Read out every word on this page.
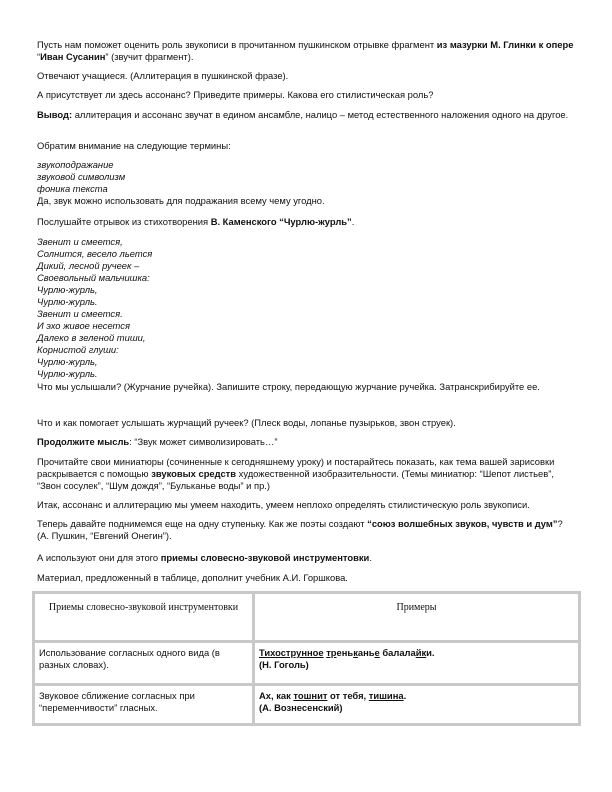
Пусть нам поможет оценить роль звукописи в прочитанном пушкинском отрывке фрагмент из мазурки М. Глинки к опере “Иван Сусанин” (звучит фрагмент).

Отвечают учащиеся. (Аллитерация в пушкинской фразе).

А присутствует ли здесь ассонанс? Приведите примеры. Какова его стилистическая роль?

Вывод: аллитерация и ассонанс звучат в едином ансамбле, налицо – метод естественного наложения одного на другое.

Обратим внимание на следующие термины:

звукоподражание

звуковой символизм

фоника текста

Да, звук можно использовать для подражания всему чему угодно.

Послушайте отрывок из стихотворения В. Каменского “Чурлю-журль”.

Звенит и смеется,

Солнится, весело льется

Дикий, лесной ручеек –

Своевольный мальчишка:

Чурлю-журль,

Чурлю-журль.

Звенит и смеется.

И эхо живое несется

Далеко в зеленой тиши,

Корнистой глуши:

Чурлю-журль,

Чурлю-журль.

Что мы услышали? (Журчание ручейка). Запишите строку, передающую журчание ручейка. Затранскрибируйте ее.

Что и как помогает услышать журчащий ручеек? (Плеск воды, лопанье пузырьков, звон струек).

Продолжите мысль: “Звук может символизировать…”
Прочитайте свои миниатюры (сочиненные к сегодняшнему уроку) и постарайтесь показать, как тема вашей зарисовки раскрывается с помощью звуковых средств художественной изобразительности. (Темы миниатюр: “Шепот листьев”, “Звон сосулек”, “Шум дождя”, “Бульканье воды” и пр.)

Итак, ассонанс и аллитерацию мы умеем находить, умеем неплохо определять стилистическую роль звукописи.

Теперь давайте поднимемся еще на одну ступеньку. Как же поэты создают “союз волшебных звуков, чувств и дум”? (А. Пушкин, “Евгений Онегин”).
А используют они для этого приемы словесно-звуковой инструментовки.

Материал, предложенный в таблице, дополнит учебник А.И. Горшкова.

Приемы словесно-звуковой инструментовки	Примеры
Использование согласных одного вида (в разных словах).	Тихострунное треньканье балалайки.
(Н. Гоголь)
Звуковое сближение согласных при “переменчивости” гласных.	Ах, как тошнит от тебя, тишина.
(А. Вознесенский)
